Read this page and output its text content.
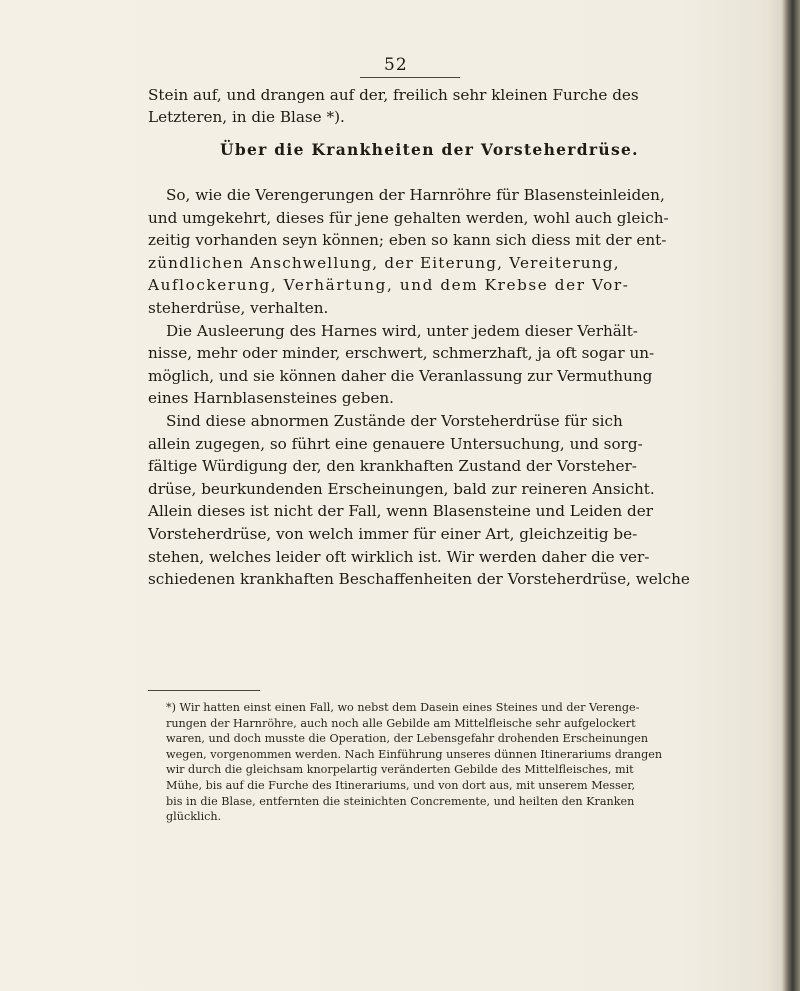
52
Stein auf, und drangen auf der, freilich sehr kleinen Furche des
Letzteren, in die Blase *).
Über die Krankheiten der Vorsteherdrüse.
So, wie die Verengerungen der Harnröhre für Blasensteinleiden,
und umgekehrt, dieses für jene gehalten werden, wohl auch gleich-
zeitig vorhanden seyn können; eben so kann sich diess mit der ent-
zündlichen Anschwellung, der Eiterung, Vereiterung,
Auflockerung, Verhärtung, und dem Krebse der Vor-
steherdrüse, verhalten.
Die Ausleerung des Harnes wird, unter jedem dieser Verhält-
nisse, mehr oder minder, erschwert, schmerzhaft, ja oft sogar un-
möglich, und sie können daher die Veranlassung zur Vermuthung
eines Harnblasensteines geben.
Sind diese abnormen Zustände der Vorsteherdrüse für sich
allein zugegen, so führt eine genauere Untersuchung, und sorg-
fältige Würdigung der, den krankhaften Zustand der Vorsteher-
drüse, beurkundenden Erscheinungen, bald zur reineren Ansicht.
Allein dieses ist nicht der Fall, wenn Blasensteine und Leiden der
Vorsteherdrüse, von welch immer für einer Art, gleichzeitig be-
stehen, welches leider oft wirklich ist. Wir werden daher die ver-
schiedenen krankhaften Beschaffenheiten der Vorsteherdrüse, welche
*) Wir hatten einst einen Fall, wo nebst dem Dasein eines Steines und der Verenge-
rungen der Harnröhre, auch noch alle Gebilde am Mittelfleische sehr aufgelockert
waren, und doch musste die Operation, der Lebensgefahr drohenden Erscheinungen
wegen, vorgenommen werden. Nach Einführung unseres dünnen Itinerariums drangen
wir durch die gleichsam knorpelartig veränderten Gebilde des Mittelfleisches, mit
Mühe, bis auf die Furche des Itinerariums, und von dort aus, mit unserem Messer,
bis in die Blase, entfernten die steinichten Concremente, und heilten den Kranken
glücklich.
